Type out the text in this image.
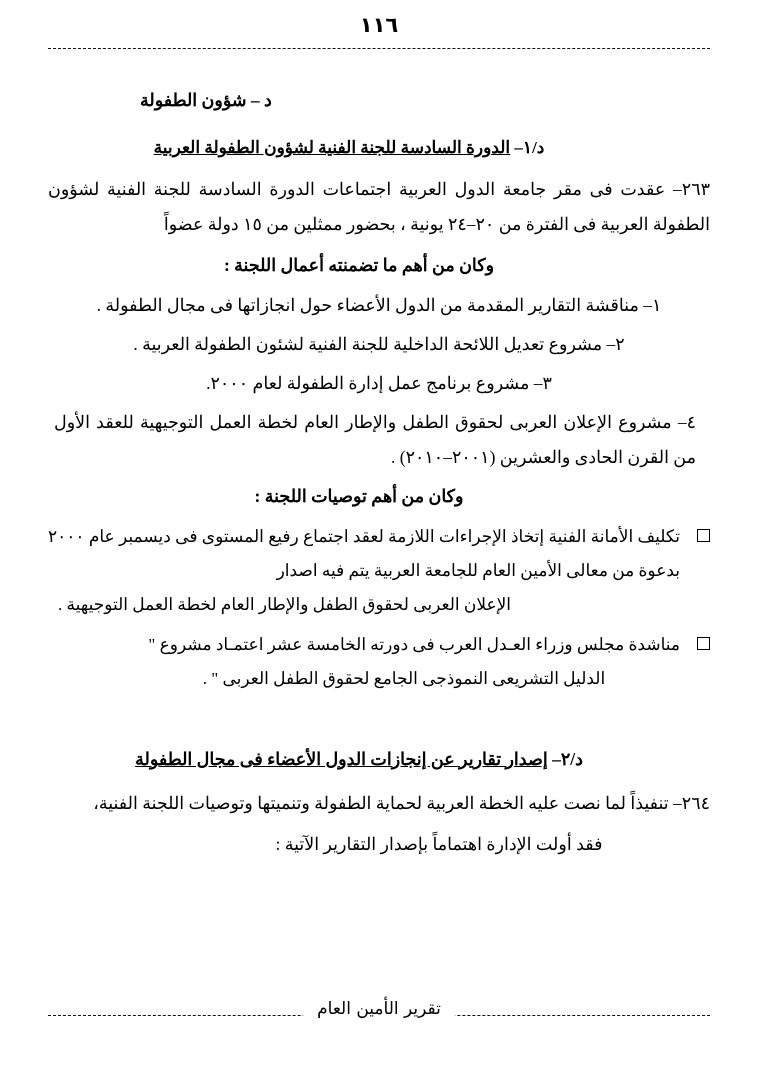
١١٦
د – شؤون الطفولة
د/١– الدورة السادسة للجنة الفنية لشؤون الطفولة العربية

٢٦٣– عقدت فى مقر جامعة الدول العربية اجتماعات الدورة السادسة للجنة الفنية لشؤون الطفولة العربية فى الفترة من ٢٠–٢٤ يونية ، بحضور ممثلين من ١٥ دولة عضواً

وكان من أهم ما تضمنته أعمال اللجنة :
١– مناقشة التقارير المقدمة من الدول الأعضاء حول انجازاتها فى مجال الطفولة .
٢– مشروع تعديل اللائحة الداخلية للجنة الفنية لشئون الطفولة العربية .
٣– مشروع برنامج عمل إدارة الطفولة لعام ٢٠٠٠.
٤– مشروع الإعلان العربى لحقوق الطفل والإطار العام لخطة العمل التوجيهية للعقد الأول من القرن الحادى والعشرين (٢٠٠١–٢٠١٠) .
وكان من أهم توصيات اللجنة :
تكليف الأمانة الفنية إتخاذ الإجراءات اللازمة لعقد اجتماع رفيع المستوى فى ديسمبر عام ٢٠٠٠ بدعوة من معالى الأمين العام للجامعة العربية يتم فيه اصدار
الإعلان العربى لحقوق الطفل والإطار العام لخطة العمل التوجيهية .
مناشدة مجلس وزراء العـدل العرب فى دورته الخامسة عشر اعتمـاد مشروع "
الدليل التشريعى النموذجى الجامع لحقوق الطفل العربى " .
د/٢– إصدار تقارير عن إنجازات الدول الأعضاء فى مجال الطفولة

٢٦٤– تنفيذاً لما نصت عليه الخطة العربية لحماية الطفولة وتنميتها وتوصيات اللجنة الفنية،

فقد أولت الإدارة اهتماماً بإصدار التقارير الآتية :
تقرير الأمين العام
